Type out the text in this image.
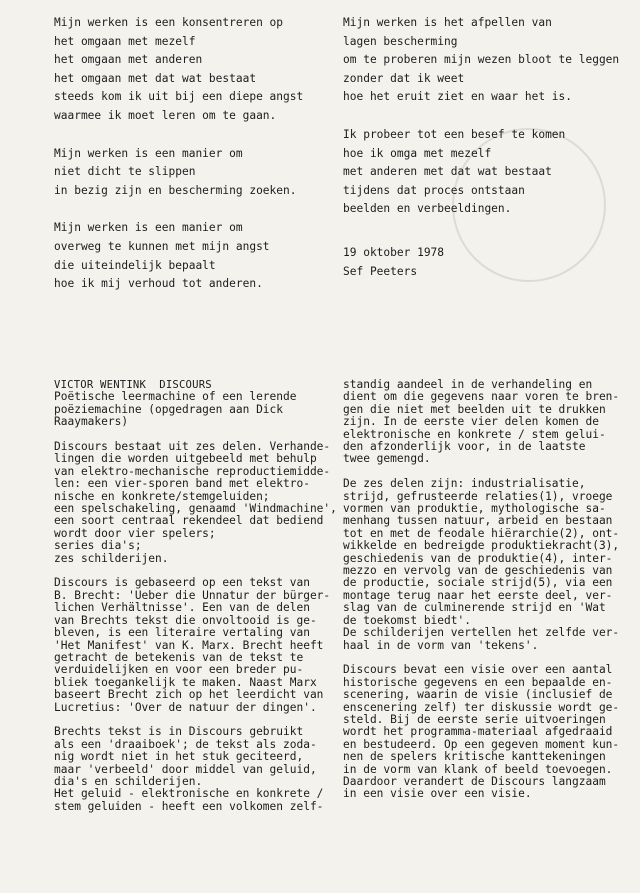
Mijn werken is een konsentreren op

het omgaan met mezelf

het omgaan met anderen

het omgaan met dat wat bestaat

steeds kom ik uit bij een diepe angst

waarmee ik moet leren om te gaan.

Mijn werken is een manier om

niet dicht te slippen

in bezig zijn en bescherming zoeken.

Mijn werken is een manier om

overweg te kunnen met mijn angst

die uiteindelijk bepaalt

hoe ik mij verhoud tot anderen.

Mijn werken is het afpellen van

lagen bescherming

om te proberen mijn wezen bloot te leggen

zonder dat ik weet

hoe het eruit ziet en waar het is.

Ik probeer tot een besef te komen

hoe ik omga met mezelf

met anderen met dat wat bestaat

tijdens dat proces ontstaan

beelden en verbeeldingen.

19 oktober 1978

Sef Peeters

VICTOR WENTINK  DISCOURS
Poëtische leermachine of een lerende
poëziemachine (opgedragen aan Dick
Raaymakers)

Discours bestaat uit zes delen. Verhande-
lingen die worden uitgebeeld met behulp
van elektro-mechanische reproductiemidde-
len: een vier-sporen band met elektro-
nische en konkrete/stemgeluiden;
een spelschakeling, genaamd 'Windmachine',
een soort centraal rekendeel dat bediend
wordt door vier spelers;
series dia's;
zes schilderijen.

Discours is gebaseerd op een tekst van
B. Brecht: 'Ueber die Unnatur der bürger-
lichen Verhältnisse'. Een van de delen
van Brechts tekst die onvoltooid is ge-
bleven, is een literaire vertaling van
'Het Manifest' van K. Marx. Brecht heeft
getracht de betekenis van de tekst te
verduidelijken en voor een breder pu-
bliek toegankelijk te maken. Naast Marx
baseert Brecht zich op het leerdicht van
Lucretius: 'Over de natuur der dingen'.

Brechts tekst is in Discours gebruikt
als een 'draaiboek'; de tekst als zoda-
nig wordt niet in het stuk geciteerd,
maar 'verbeeld' door middel van geluid,
dia's en schilderijen.
Het geluid - elektronische en konkrete /
stem geluiden - heeft een volkomen zelf-

standig aandeel in de verhandeling en
dient om die gegevens naar voren te bren-
gen die niet met beelden uit te drukken
zijn. In de eerste vier delen komen de
elektronische en konkrete / stem gelui-
den afzonderlijk voor, in de laatste
twee gemengd.

De zes delen zijn: industrialisatie,
strijd, gefrusteerde relaties(1), vroege
vormen van produktie, mythologische sa-
menhang tussen natuur, arbeid en bestaan
tot en met de feodale hiërarchie(2), ont-
wikkelde en bedreigde produktiekracht(3),
geschiedenis van de produktie(4), inter-
mezzo en vervolg van de geschiedenis van
de productie, sociale strijd(5), via een
montage terug naar het eerste deel, ver-
slag van de culminerende strijd en 'Wat
de toekomst biedt'.
De schilderijen vertellen het zelfde ver-
haal in de vorm van 'tekens'.

Discours bevat een visie over een aantal
historische gegevens en een bepaalde en-
scenering, waarin de visie (inclusief de
enscenering zelf) ter diskussie wordt ge-
steld. Bij de eerste serie uitvoeringen
wordt het programma-materiaal afgedraaid
en bestudeerd. Op een gegeven moment kun-
nen de spelers kritische kanttekeningen
in de vorm van klank of beeld toevoegen.
Daardoor verandert de Discours langzaam
in een visie over een visie.
